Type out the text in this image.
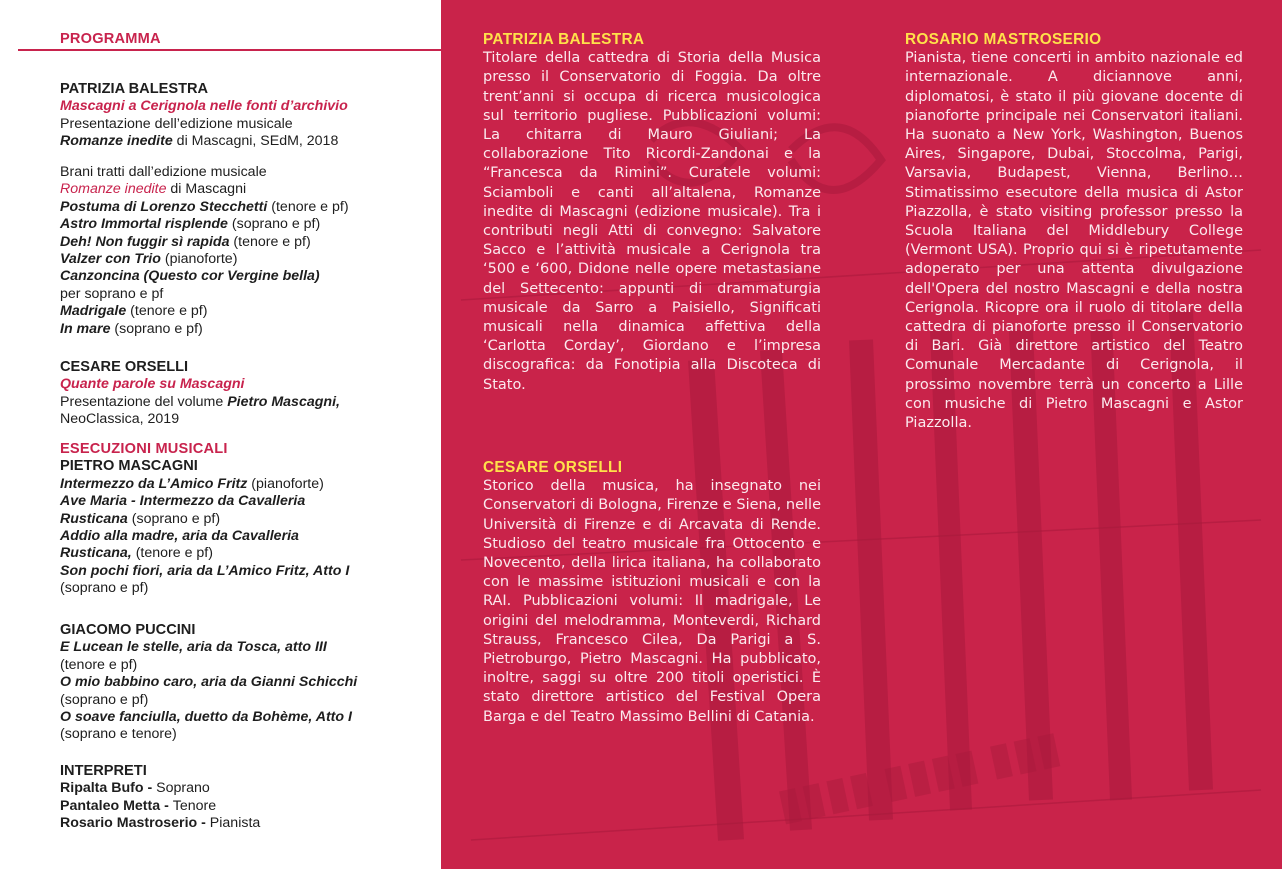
PROGRAMMA

PATRIZIA BALESTRA

Mascagni a Cerignola nelle fonti d’archivio

Presentazione dell’edizione musicale

Romanze inedite di Mascagni, SEdM, 2018

Brani tratti dall’edizione musicale

Romanze inedite di Mascagni

Postuma di Lorenzo Stecchetti (tenore e pf)

Astro Immortal risplende (soprano e pf)

Deh! Non fuggir sì rapida (tenore e pf)

Valzer con Trio (pianoforte)

Canzoncina (Questo cor Vergine bella)

per soprano e pf

Madrigale (tenore e pf)

In mare (soprano e pf)

CESARE ORSELLI

Quante parole su Mascagni

Presentazione del volume Pietro Mascagni,

NeoClassica, 2019

ESECUZIONI MUSICALI

PIETRO MASCAGNI

Intermezzo da L’Amico Fritz (pianoforte)

Ave Maria - Intermezzo da Cavalleria

Rusticana (soprano e pf)

Addio alla madre, aria da Cavalleria

Rusticana, (tenore e pf)

Son pochi fiori, aria da L’Amico Fritz, Atto I

(soprano e pf)

GIACOMO PUCCINI

E Lucean le stelle, aria da Tosca, atto III

(tenore e pf)

O mio babbino caro, aria da Gianni Schicchi

(soprano e pf)

O soave fanciulla, duetto da Bohème, Atto I

(soprano e tenore)

INTERPRETI

Ripalta Bufo - Soprano

Pantaleo Metta - Tenore

Rosario Mastroserio - Pianista	▮▮▮▮ ▮▮▮▮ ▮▮▮

PATRIZIA BALESTRA

Titolare della cattedra di Storia della Musica presso il Conservatorio di Foggia. Da oltre trent’anni si occupa di ricerca musicologica sul territorio pugliese. Pubblicazioni volumi: La chitarra di Mauro Giuliani; La collaborazione Tito Ricordi-Zandonai e la “Francesca da Rimini”. Curatele volumi: Sciamboli e canti all’altalena, Romanze inedite di Mascagni (edizione musicale). Tra i contributi negli Atti di convegno: Salvatore Sacco e l’attività musicale a Cerignola tra ‘500 e ‘600, Didone nelle opere metastasiane del Settecento: appunti di drammaturgia musicale da Sarro a Paisiello, Significati musicali nella dinamica affettiva della ‘Carlotta Corday’, Giordano e l’impresa discografica: da Fonotipia alla Discoteca di Stato.

CESARE ORSELLI

Storico della musica, ha insegnato nei Conservatori di Bologna, Firenze e Siena, nelle Università di Firenze e di Arcavata di Rende. Studioso del teatro musicale fra Ottocento e Novecento, della lirica italiana, ha collaborato con le massime istituzioni musicali e con la RAI. Pubblicazioni volumi: Il madrigale, Le origini del melodramma, Monteverdi, Richard Strauss, Francesco Cilea, Da Parigi a S. Pietroburgo, Pietro Mascagni. Ha pubblicato, inoltre, saggi su oltre 200 titoli operistici. È stato direttore artistico del Festival Opera Barga e del Teatro Massimo Bellini di Catania.

ROSARIO MASTROSERIO

Pianista, tiene concerti in ambito nazionale ed internazionale. A diciannove anni, diplomatosi, è stato il più giovane docente di pianoforte principale nei Conservatori italiani. Ha suonato a New York, Washington, Buenos Aires, Singapore, Dubai, Stoccolma, Parigi, Varsavia, Budapest, Vienna, Berlino… Stimatissimo esecutore della musica di Astor Piazzolla, è stato visiting professor presso la Scuola Italiana del Middlebury College (Vermont USA). Proprio qui si è ripetutamente adoperato per una attenta divulgazione dell'Opera del nostro Mascagni e della nostra Cerignola. Ricopre ora il ruolo di titolare della cattedra di pianoforte presso il Conservatorio di Bari. Già direttore artistico del Teatro Comunale Mercadante di Cerignola, il prossimo novembre terrà un concerto a Lille con musiche di Pietro Mascagni e Astor Piazzolla.
